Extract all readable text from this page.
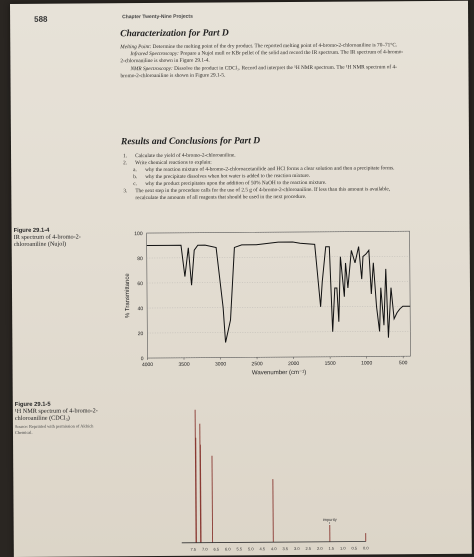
588	Chapter Twenty-Nine Projects
Characterization for Part D

Melting Point: Determine the melting point of the dry product. The reported melting point of 4-bromo-2-chloroaniline is 70–71°C.

Infrared Spectroscopy: Prepare a Nujol mull or KBr pellet of the solid and record the IR spectrum. The IR spectrum of 4-bromo-2-chloroaniline is shown in Figure 29.1-4.

NMR Spectroscopy: Dissolve the product in CDCl₃. Record and interpret the ¹H NMR spectrum. The ¹H NMR spectrum of 4-bromo-2-chloroaniline is shown in Figure 29.1-5.

Results and Conclusions for Part D
1.	Calculate the yield of 4-bromo-2-chloroaniline.
2.	Write chemical reactions to explain:
a.	why the reaction mixture of 4-bromo-2-chloroacetanilide and HCl forms a clear solution and then a precipitate forms.
b.	why the precipitate dissolves when hot water is added to the reaction mixture.
c.	why the product precipitates upon the addition of 50% NaOH to the reaction mixture.
3.	The next step in the procedure calls for the use of 2.5 g of 4-bromo-2-chloroaniline. If less than this amount is available, recalculate the amounts of all reagents that should be used in the next procedure.
Figure 29.1-4
IR spectrum of 4-bromo-2-chloroaniline (Nujol)
Figure 29.1-5
¹H NMR spectrum of 4-bromo-2-chloroaniline (CDCl₃)
Source: Reprinted with permission of Aldrich Chemical.
0
20
40
60
80
100
4000	3500	3000	2500	2000	1500	1000	500
Wavenumber (cm⁻¹)
% Transmittance
7.5 7.0 6.5 6.0 5.5 5.0 4.5 4.0 3.5 3.0 2.5 2.0 1.5 1.0 0.5 0.0
impurity
